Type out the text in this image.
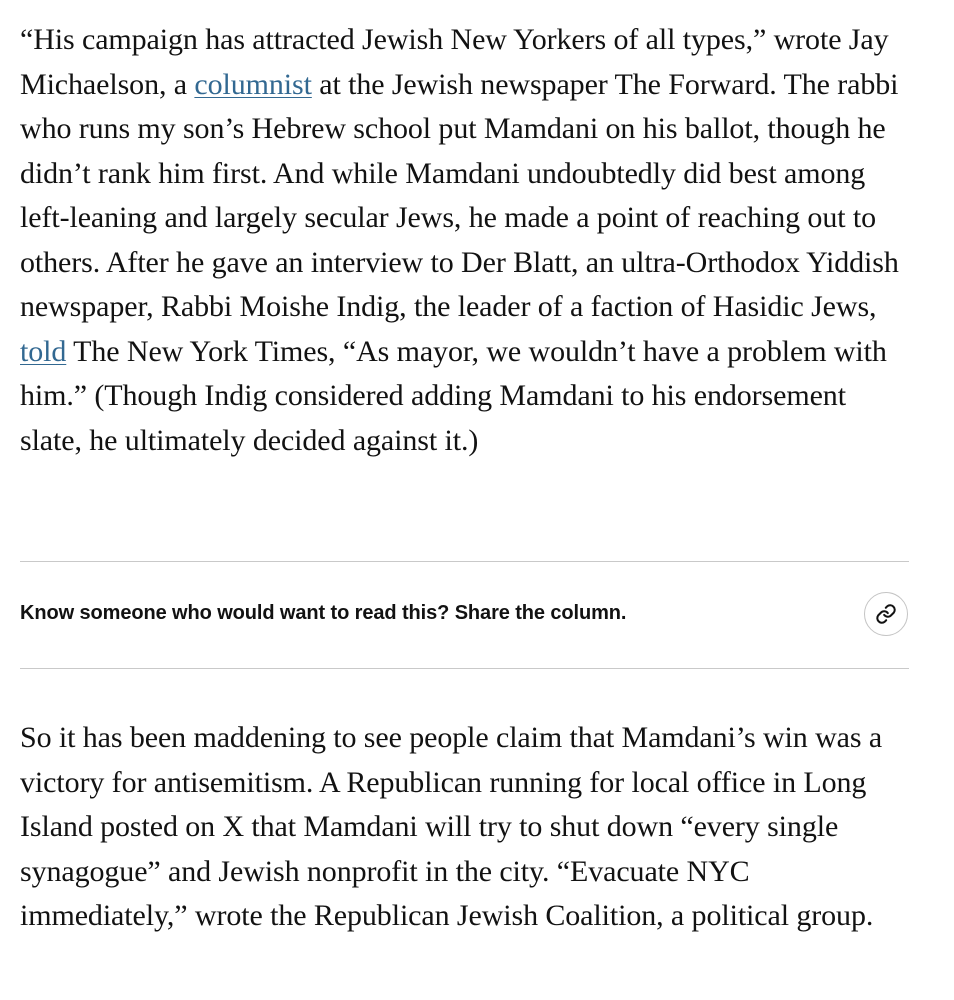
“His campaign has attracted Jewish New Yorkers of all types,” wrote Jay Michaelson, a columnist at the Jewish newspaper The Forward. The rabbi who runs my son’s Hebrew school put Mamdani on his ballot, though he didn’t rank him first. And while Mamdani undoubtedly did best among left-leaning and largely secular Jews, he made a point of reaching out to others. After he gave an interview to Der Blatt, an ultra-Orthodox Yiddish newspaper, Rabbi Moishe Indig, the leader of a faction of Hasidic Jews, told The New York Times, “As mayor, we wouldn’t have a problem with him.” (Though Indig considered adding Mamdani to his endorsement slate, he ultimately decided against it.)

Know someone who would want to read this? Share the column.

So it has been maddening to see people claim that Mamdani’s win was a victory for antisemitism. A Republican running for local office in Long Island posted on X that Mamdani will try to shut down “every single synagogue” and Jewish nonprofit in the city. “Evacuate NYC immediately,” wrote the Republican Jewish Coalition, a political group.
